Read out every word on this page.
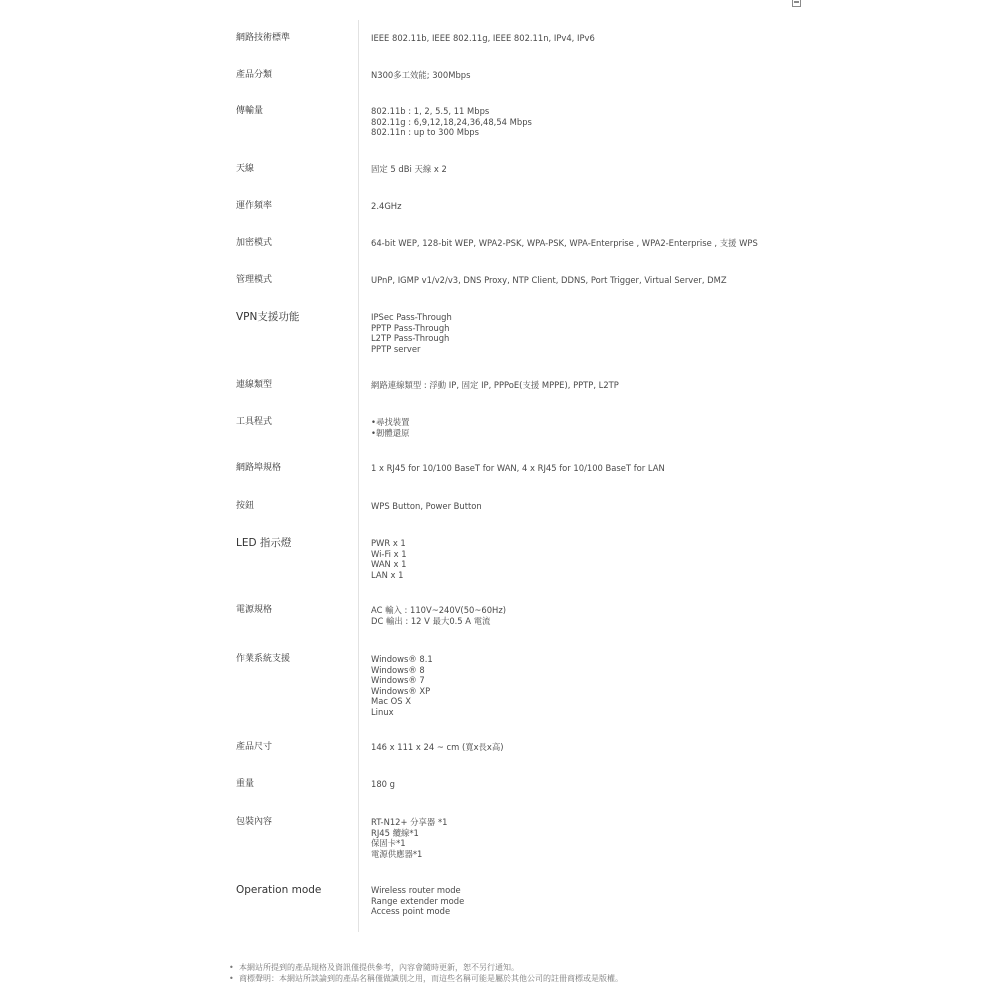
網路技術標準	IEEE 802.11b, IEEE 802.11g, IEEE 802.11n, IPv4, IPv6
產品分類	N300多工效能; 300Mbps
傳輸量	802.11b : 1, 2, 5.5, 11 Mbps
802.11g : 6,9,12,18,24,36,48,54 Mbps
802.11n : up to 300 Mbps
天線	固定 5 dBi 天線 x 2
運作頻率	2.4GHz
加密模式	64-bit WEP, 128-bit WEP, WPA2-PSK, WPA-PSK, WPA-Enterprise , WPA2-Enterprise , 支援 WPS
管理模式	UPnP, IGMP v1/v2/v3, DNS Proxy, NTP Client, DDNS, Port Trigger, Virtual Server, DMZ
VPN支援功能	IPSec Pass-Through
PPTP Pass-Through
L2TP Pass-Through
PPTP server
連線類型	網路連線類型 : 浮動 IP, 固定 IP, PPPoE(支援 MPPE), PPTP, L2TP
工具程式	•尋找裝置
•韌體還原
網路埠規格	1 x RJ45 for 10/100 BaseT for WAN, 4 x RJ45 for 10/100 BaseT for LAN
按鈕	WPS Button, Power Button
LED 指示燈	PWR x 1
Wi-Fi x 1
WAN x 1
LAN x 1
電源規格	AC 輸入 : 110V~240V(50~60Hz)
DC 輸出 : 12 V 最大0.5 A 電流
作業系統支援	Windows® 8.1
Windows® 8
Windows® 7
Windows® XP
Mac OS X
Linux
產品尺寸	146 x 111 x 24 ~ cm (寬x長x高)
重量	180 g
包裝內容	RT-N12+ 分享器 *1
RJ45 纜線*1
保固卡*1
電源供應器*1
Operation mode	Wireless router mode
Range extender mode
Access point mode
• 本網站所提到的產品規格及資訊僅提供參考，內容會隨時更新，恕不另行通知。
• 商標聲明：本網站所談論到的產品名稱僅做識別之用，而這些名稱可能是屬於其他公司的註冊商標或是版權。
